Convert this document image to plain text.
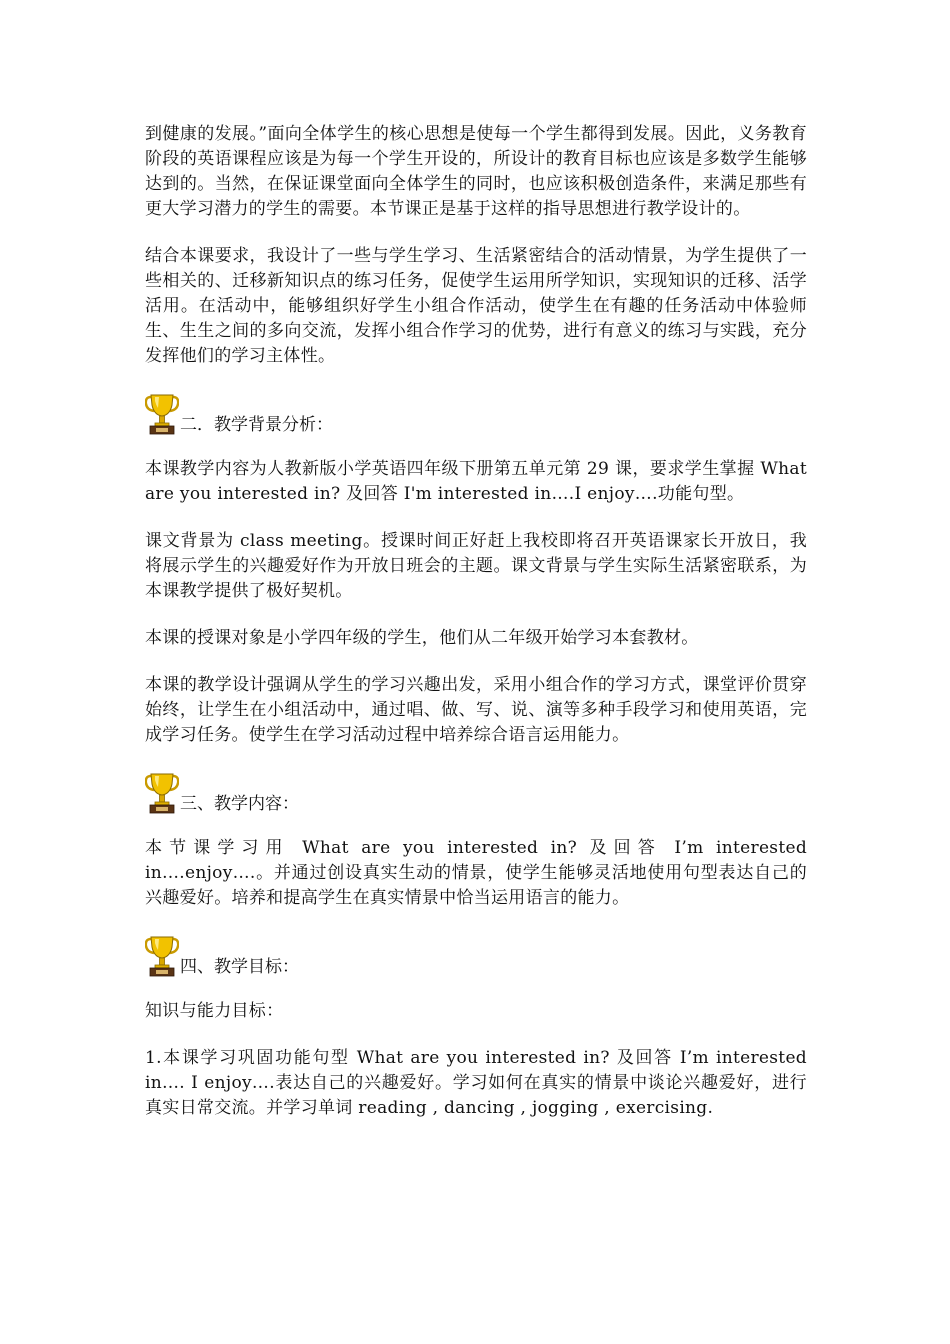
到健康的发展。”面向全体学生的核心思想是使每一个学生都得到发展。因此，义务教育阶段的英语课程应该是为每一个学生开设的，所设计的教育目标也应该是多数学生能够达到的。当然，在保证课堂面向全体学生的同时，也应该积极创造条件，来满足那些有更大学习潜力的学生的需要。本节课正是基于这样的指导思想进行教学设计的。

结合本课要求，我设计了一些与学生学习、生活紧密结合的活动情景，为学生提供了一些相关的、迁移新知识点的练习任务，促使学生运用所学知识，实现知识的迁移、活学活用。在活动中，能够组织好学生小组合作活动，使学生在有趣的任务活动中体验师生、生生之间的多向交流，发挥小组合作学习的优势，进行有意义的练习与实践，充分发挥他们的学习主体性。

二．教学背景分析：

本课教学内容为人教新版小学英语四年级下册第五单元第 29 课，要求学生掌握 What are you interested in? 及回答 I'm interested in….I enjoy….功能句型。

课文背景为 class meeting。授课时间正好赶上我校即将召开英语课家长开放日，我将展示学生的兴趣爱好作为开放日班会的主题。课文背景与学生实际生活紧密联系，为本课教学提供了极好契机。

本课的授课对象是小学四年级的学生，他们从二年级开始学习本套教材。

本课的教学设计强调从学生的学习兴趣出发，采用小组合作的学习方式，课堂评价贯穿始终，让学生在小组活动中，通过唱、做、写、说、演等多种手段学习和使用英语，完成学习任务。使学生在学习活动过程中培养综合语言运用能力。

三、教学内容：

本节课学习用 What are you interested in? 及回答 I’m interested in….enjoy….。并通过创设真实生动的情景，使学生能够灵活地使用句型表达自己的兴趣爱好。培养和提高学生在真实情景中恰当运用语言的能力。

四、教学目标：

知识与能力目标：

1.本课学习巩固功能句型 What are you interested in? 及回答 I’m interested in…. I enjoy….表达自己的兴趣爱好。学习如何在真实的情景中谈论兴趣爱好，进行真实日常交流。并学习单词 reading , dancing , jogging , exercising.
